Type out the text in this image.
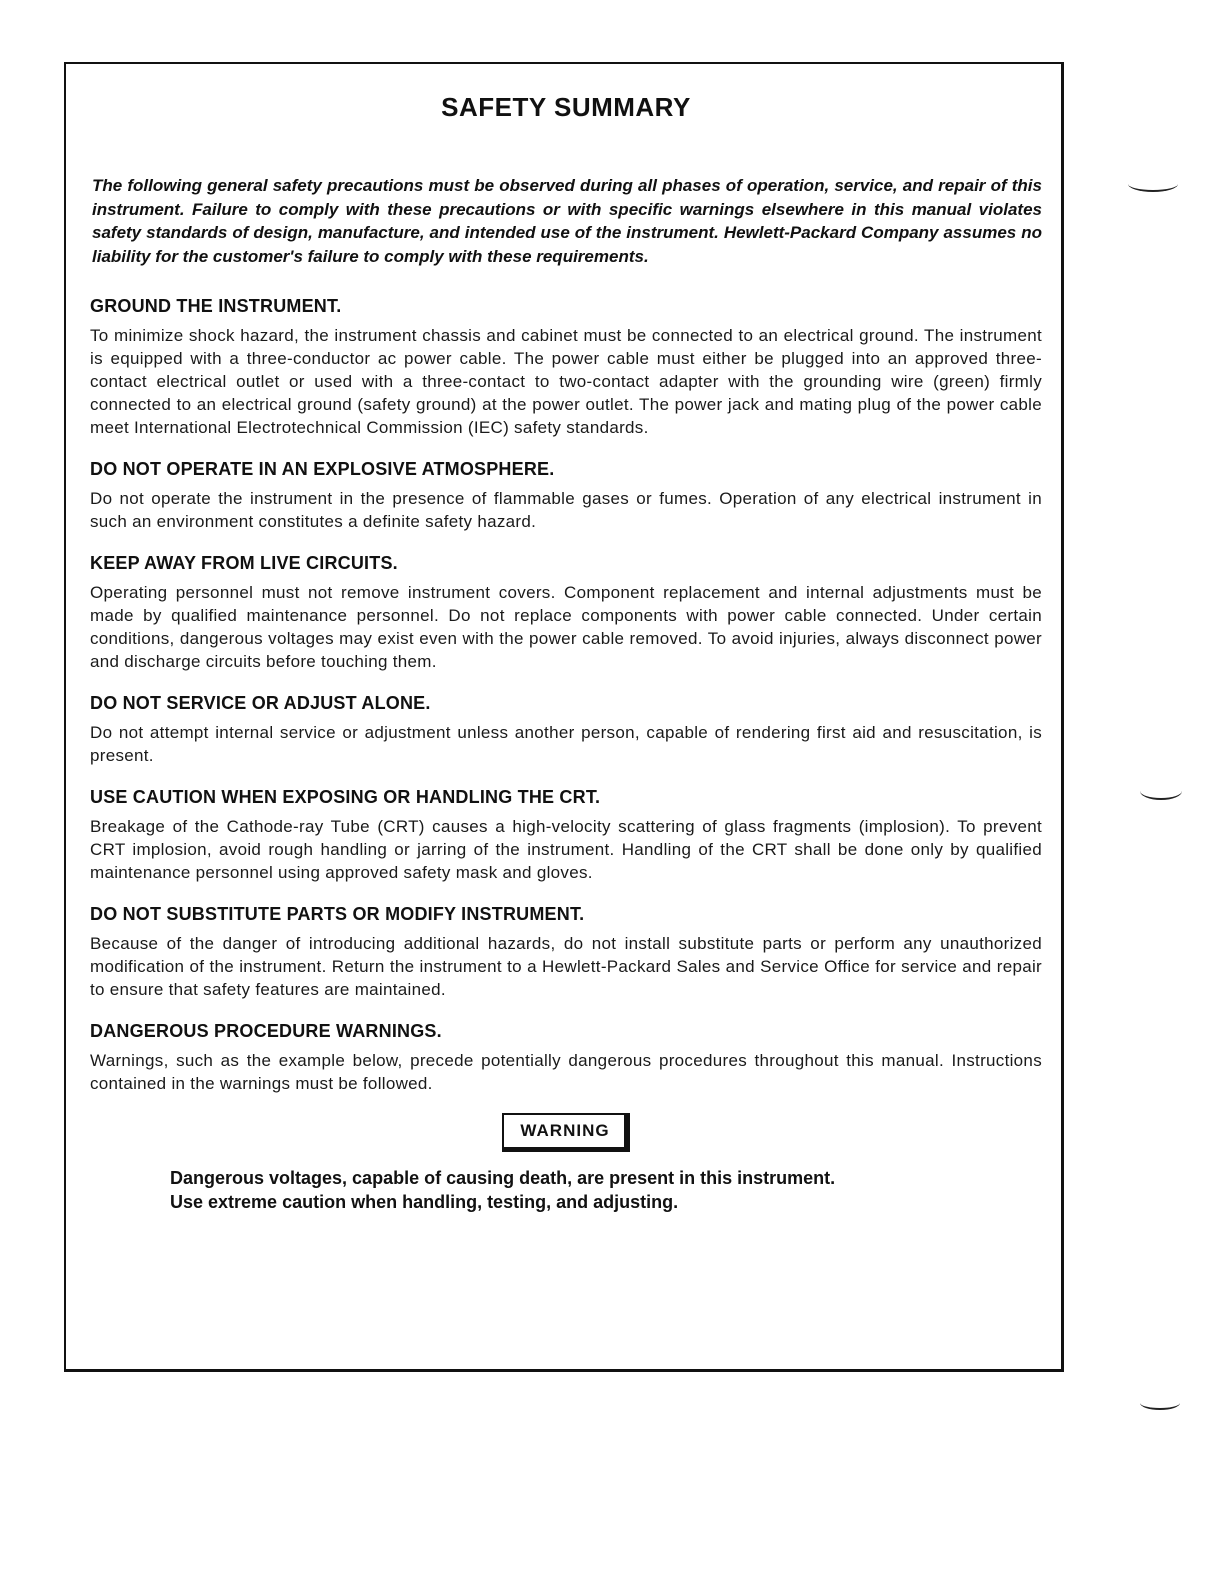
SAFETY SUMMARY

The following general safety precautions must be observed during all phases of operation, service, and repair of this instrument. Failure to comply with these precautions or with specific warnings elsewhere in this manual violates safety standards of design, manufacture, and intended use of the instrument. Hewlett-Packard Company assumes no liability for the customer's failure to comply with these requirements.

GROUND THE INSTRUMENT.

To minimize shock hazard, the instrument chassis and cabinet must be connected to an electrical ground. The instrument is equipped with a three-conductor ac power cable. The power cable must either be plugged into an approved three-contact electrical outlet or used with a three-contact to two-contact adapter with the grounding wire (green) firmly connected to an electrical ground (safety ground) at the power outlet. The power jack and mating plug of the power cable meet International Electrotechnical Commission (IEC) safety standards.

DO NOT OPERATE IN AN EXPLOSIVE ATMOSPHERE.

Do not operate the instrument in the presence of flammable gases or fumes. Operation of any electrical instrument in such an environment constitutes a definite safety hazard.

KEEP AWAY FROM LIVE CIRCUITS.

Operating personnel must not remove instrument covers. Component replacement and internal adjustments must be made by qualified maintenance personnel. Do not replace components with power cable connected. Under certain conditions, dangerous voltages may exist even with the power cable removed. To avoid injuries, always disconnect power and discharge circuits before touching them.

DO NOT SERVICE OR ADJUST ALONE.

Do not attempt internal service or adjustment unless another person, capable of rendering first aid and resuscitation, is present.

USE CAUTION WHEN EXPOSING OR HANDLING THE CRT.

Breakage of the Cathode-ray Tube (CRT) causes a high-velocity scattering of glass fragments (implosion). To prevent CRT implosion, avoid rough handling or jarring of the instrument. Handling of the CRT shall be done only by qualified maintenance personnel using approved safety mask and gloves.

DO NOT SUBSTITUTE PARTS OR MODIFY INSTRUMENT.

Because of the danger of introducing additional hazards, do not install substitute parts or perform any unauthorized modification of the instrument. Return the instrument to a Hewlett-Packard Sales and Service Office for service and repair to ensure that safety features are maintained.

DANGEROUS PROCEDURE WARNINGS.

Warnings, such as the example below, precede potentially dangerous procedures throughout this manual. Instructions contained in the warnings must be followed.

WARNING
Dangerous voltages, capable of causing death, are present in this instrument.
Use extreme caution when handling, testing, and adjusting.
